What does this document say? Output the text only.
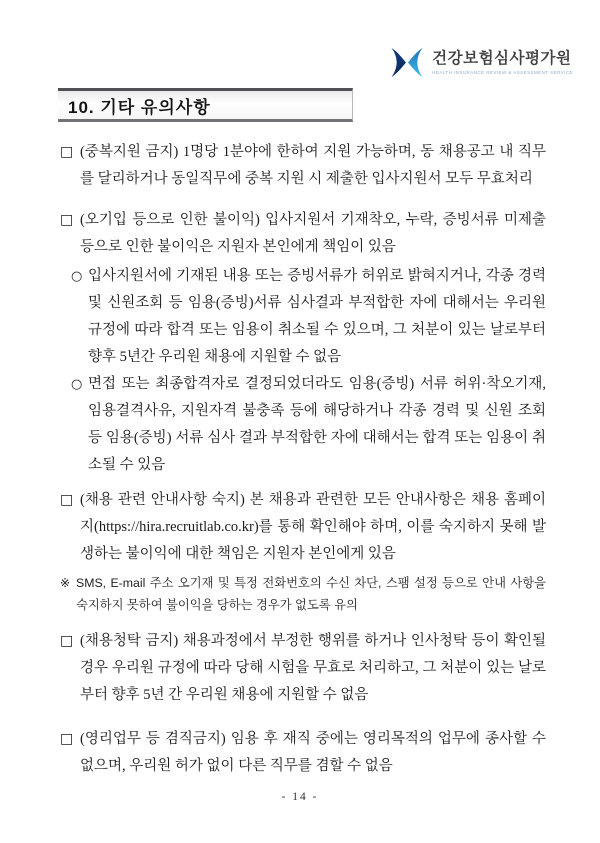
건강보험심사평가원
HEALTH INSURANCE REVIEW & ASSESSMENT SERVICE
10. 기타 유의사항
□ (중복지원 금지) 1명당 1분야에 한하여 지원 가능하며, 동 채용공고 내 직무를 달리하거나 동일직무에 중복 지원 시 제출한 입사지원서 모두 무효처리
□ (오기입 등으로 인한 불이익) 입사지원서 기재착오, 누락, 증빙서류 미제출 등으로 인한 불이익은 지원자 본인에게 책임이 있음
○ 입사지원서에 기재된 내용 또는 증빙서류가 허위로 밝혀지거나, 각종 경력 및 신원조회 등 임용(증빙)서류 심사결과 부적합한 자에 대해서는 우리원 규정에 따라 합격 또는 임용이 취소될 수 있으며, 그 처분이 있는 날로부터 향후 5년간 우리원 채용에 지원할 수 없음
○ 면접 또는 최종합격자로 결정되었더라도 임용(증빙) 서류 허위·착오기재, 임용결격사유, 지원자격 불충족 등에 해당하거나 각종 경력 및 신원 조회 등 임용(증빙) 서류 심사 결과 부적합한 자에 대해서는 합격 또는 임용이 취소될 수 있음
□ (채용 관련 안내사항 숙지) 본 채용과 관련한 모든 안내사항은 채용 홈페이지(https://hira.recruitlab.co.kr)를 통해 확인해야 하며, 이를 숙지하지 못해 발생하는 불이익에 대한 책임은 지원자 본인에게 있음
※ SMS, E-mail 주소 오기재 및 특정 전화번호의 수신 차단, 스팸 설정 등으로 안내 사항을 숙지하지 못하여 불이익을 당하는 경우가 없도록 유의
□ (채용청탁 금지) 채용과정에서 부정한 행위를 하거나 인사청탁 등이 확인될 경우 우리원 규정에 따라 당해 시험을 무효로 처리하고, 그 처분이 있는 날로부터 향후 5년 간 우리원 채용에 지원할 수 없음
□ (영리업무 등 겸직금지) 임용 후 재직 중에는 영리목적의 업무에 종사할 수 없으며, 우리원 허가 없이 다른 직무를 겸할 수 없음
- 14 -
